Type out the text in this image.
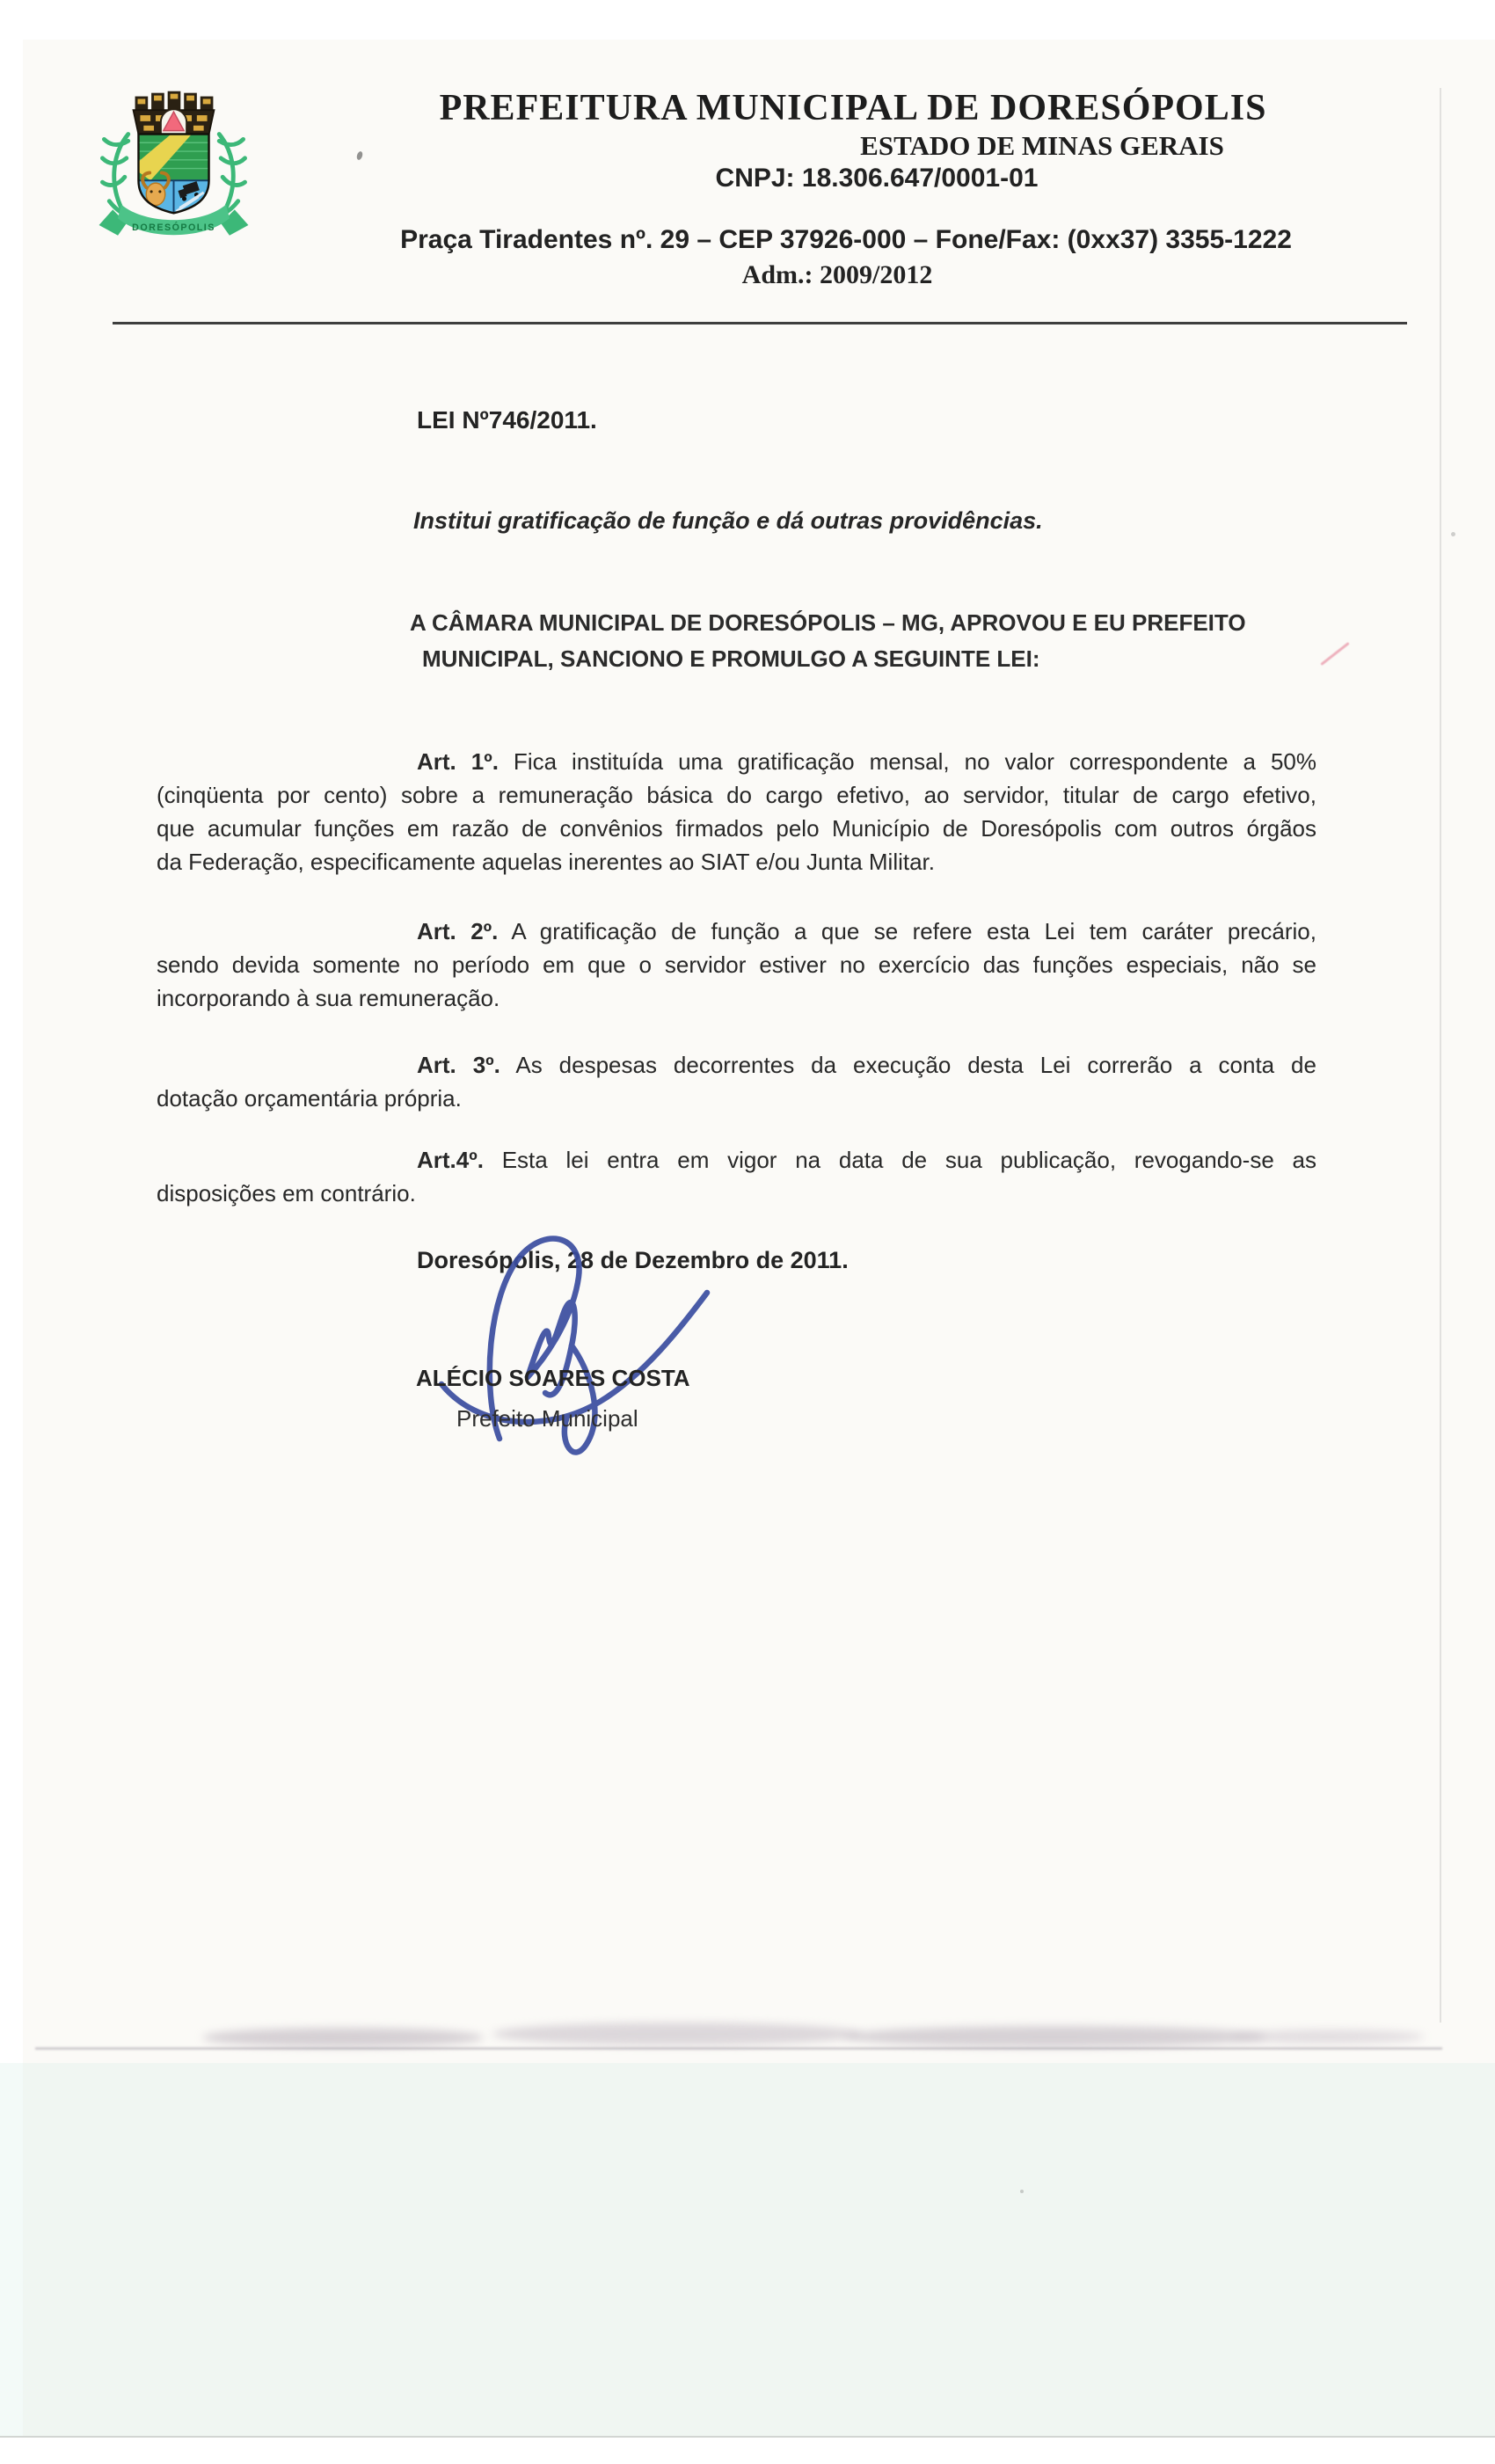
DORESÓPOLIS
PREFEITURA MUNICIPAL DE DORESÓPOLIS
ESTADO DE MINAS GERAIS
CNPJ: 18.306.647/0001-01
Praça Tiradentes nº. 29 – CEP 37926-000 – Fone/Fax: (0xx37) 3355-1222
Adm.: 2009/2012
LEI Nº746/2011.
Institui gratificação de função e dá outras providências.
A CÂMARA MUNICIPAL DE DORESÓPOLIS – MG, APROVOU E EU PREFEITO
MUNICIPAL, SANCIONO E PROMULGO A SEGUINTE LEI:
Art. 1º. Fica instituída uma gratificação mensal, no valor correspondente a 50%
(cinqüenta por cento) sobre a remuneração básica do cargo efetivo, ao servidor, titular de cargo efetivo,
que acumular funções em razão de convênios firmados pelo Município de Doresópolis com outros órgãos
da Federação, especificamente aquelas inerentes ao SIAT e/ou Junta Militar.
Art. 2º. A gratificação de função a que se refere esta Lei tem caráter precário,
sendo devida somente no período em que o servidor estiver no exercício das funções especiais, não se
incorporando à sua remuneração.
Art. 3º. As despesas decorrentes da execução desta Lei correrão a conta de
dotação orçamentária própria.
Art.4º. Esta lei entra em vigor na data de sua publicação, revogando-se as
disposições em contrário.
Doresópolis, 28 de Dezembro de 2011.
ALÉCIO SOARES COSTA
Prefeito Municipal
